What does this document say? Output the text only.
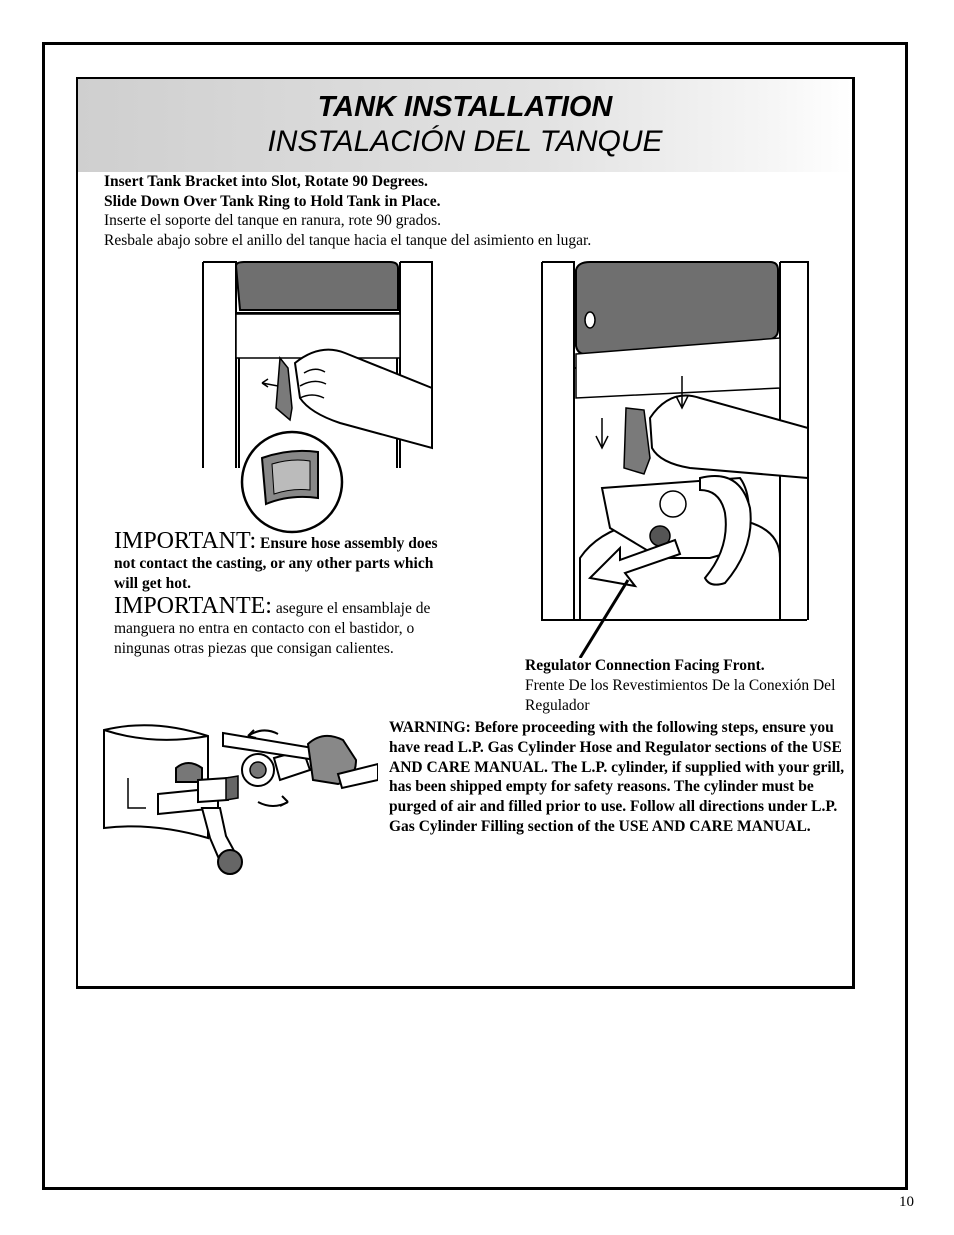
TANK INSTALLATION
INSTALACIÓN DEL TANQUE
Insert Tank Bracket into Slot, Rotate 90 Degrees.
Slide Down Over Tank Ring to Hold Tank in Place.
Inserte el soporte del tanque en ranura, rote 90 grados.
Resbale abajo sobre el anillo del tanque hacia el tanque del asimiento en lugar.
IMPORTANT: Ensure hose assembly does not contact the casting, or any other parts which will get hot.
IMPORTANTE: asegure el ensamblaje de manguera no entra en contacto con el bastidor, o ningunas otras piezas que consigan calientes.
Regulator Connection Facing Front.
Frente De los Revestimientos De la Conexión Del Regulador
WARNING: Before proceeding with the following steps, ensure you have read L.P. Gas Cylinder Hose and Regulator sections of the USE AND CARE MANUAL. The L.P. cylinder, if supplied with your grill, has been shipped empty for safety reasons. The cylinder must be purged of air and filled prior to use. Follow all directions under L.P. Gas Cylinder Filling section of the USE AND CARE MANUAL.
10
